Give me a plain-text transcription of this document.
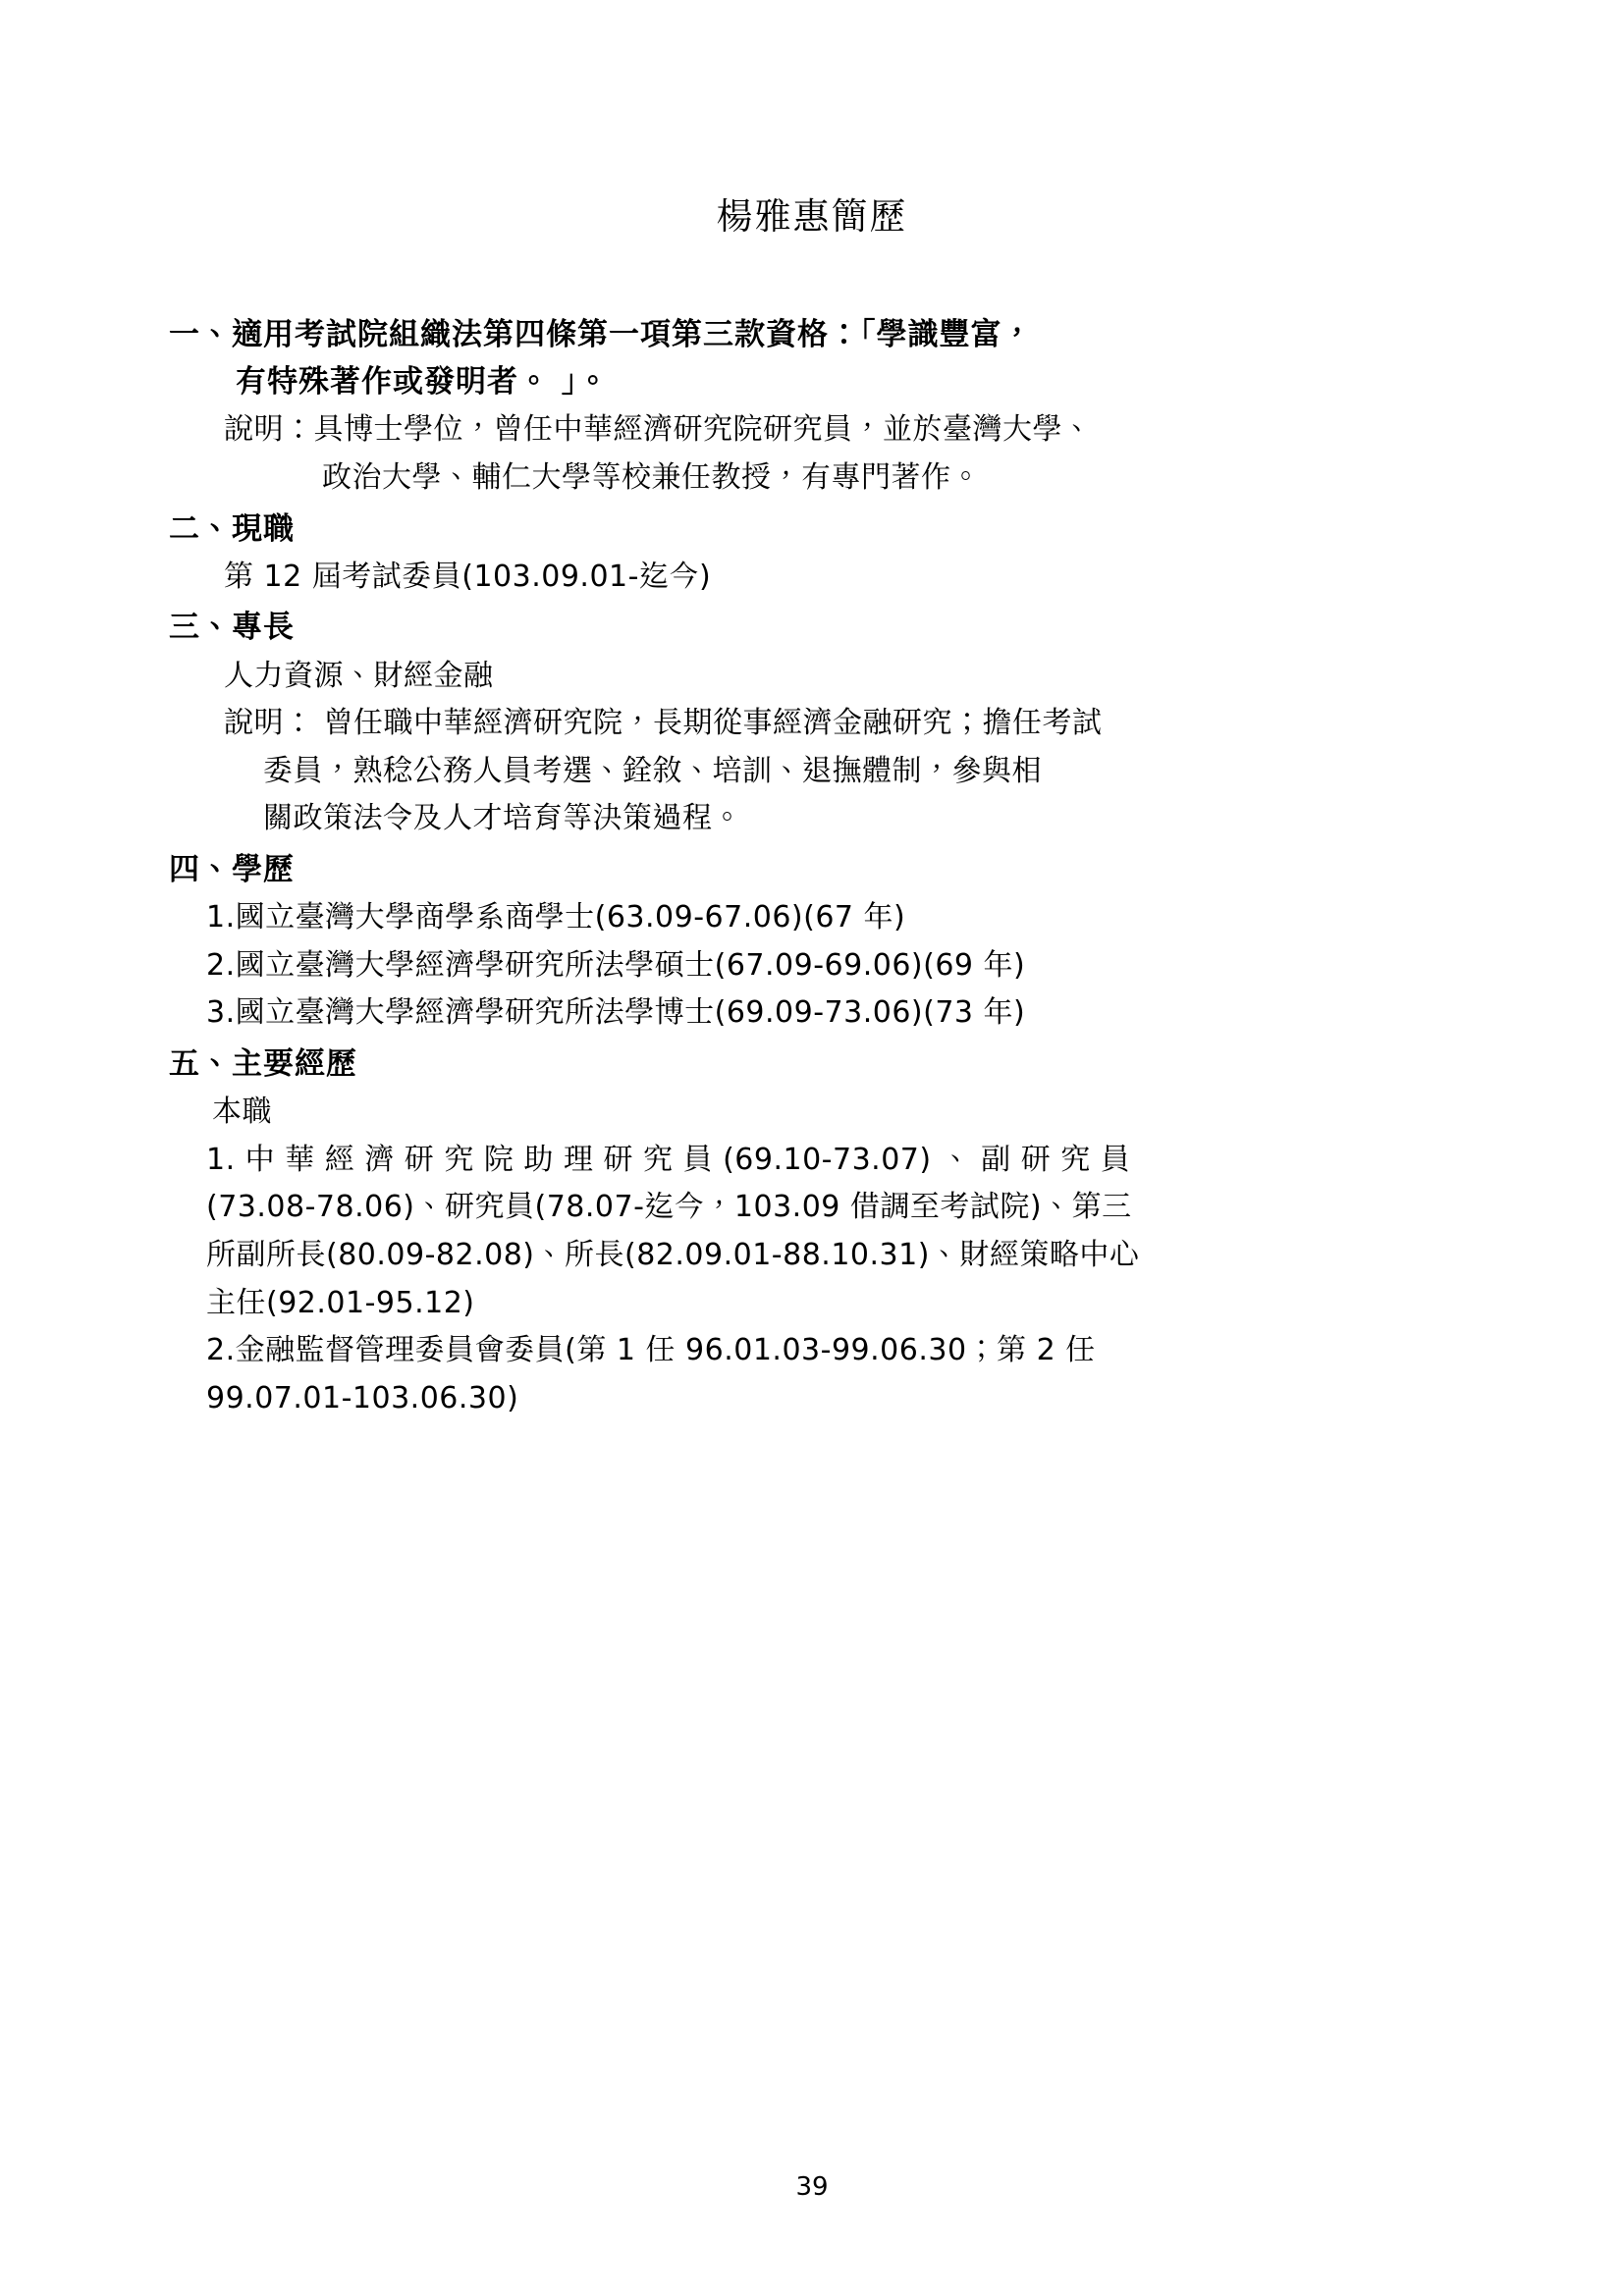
楊雅惠簡歷
一、適用考試院組織法第四條第一項第三款資格：「學識豐富，
有特殊著作或發明者。 」。
說明：具博士學位，曾任中華經濟研究院研究員，並於臺灣大學、
政治大學、輔仁大學等校兼任教授，有專門著作。
二、現職
第 12 屆考試委員(103.09.01-迄今)
三、專長
人力資源、財經金融
說明： 曾任職中華經濟研究院，長期從事經濟金融研究；擔任考試
委員，熟稔公務人員考選、銓敘、培訓、退撫體制，參與相
關政策法令及人才培育等決策過程。
四、學歷
1.國立臺灣大學商學系商學士(63.09-67.06)(67 年)
2.國立臺灣大學經濟學研究所法學碩士(67.09-69.06)(69 年)
3.國立臺灣大學經濟學研究所法學博士(69.09-73.06)(73 年)
五、主要經歷
本職
1. 中 華 經 濟 研 究 院 助 理 研 究 員 (69.10-73.07) 、 副 研 究 員
(73.08-78.06)、研究員(78.07-迄今，103.09 借調至考試院)、第三
所副所長(80.09-82.08)、所長(82.09.01-88.10.31)、財經策略中心
主任(92.01-95.12)
2.金融監督管理委員會委員(第 1 任 96.01.03-99.06.30；第 2 任
99.07.01-103.06.30)
39
